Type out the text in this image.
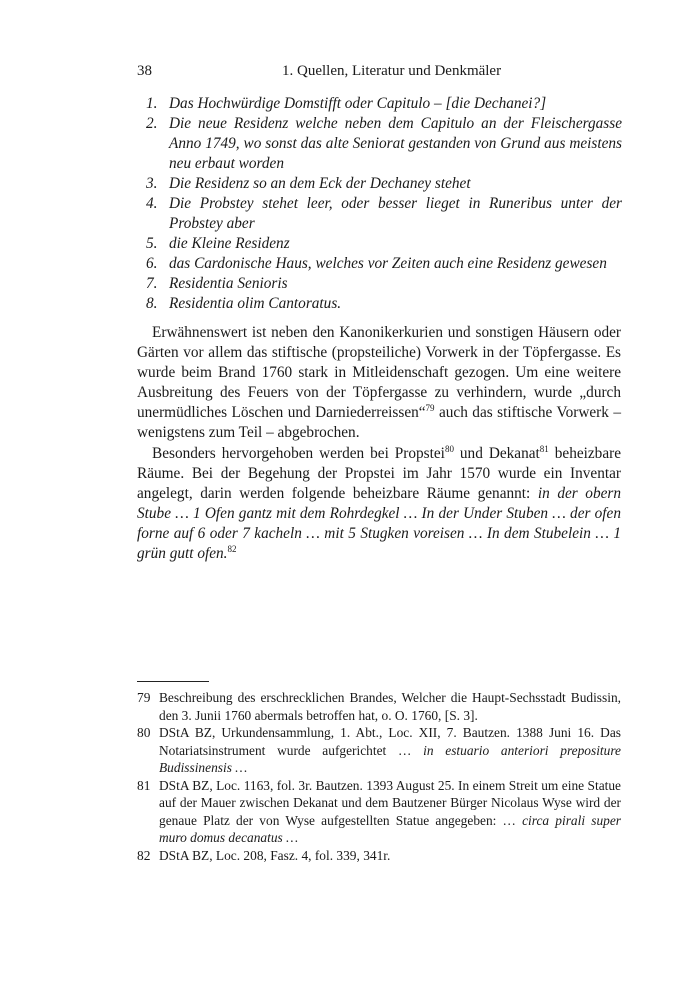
38	1. Quellen, Literatur und Denkmäler
1. Das Hochwürdige Domstifft oder Capitulo – [die Dechanei?]
2. Die neue Residenz welche neben dem Capitulo an der Fleischergasse Anno 1749, wo sonst das alte Seniorat gestanden von Grund aus meistens neu erbaut worden
3. Die Residenz so an dem Eck der Dechaney stehet
4. Die Probstey stehet leer, oder besser lieget in Runeribus unter der Probstey aber
5. die Kleine Residenz
6. das Cardonische Haus, welches vor Zeiten auch eine Residenz gewesen
7. Residentia Senioris
8. Residentia olim Cantoratus.

Erwähnenswert ist neben den Kanonikerkurien und sonstigen Häusern oder Gärten vor allem das stiftische (propsteiliche) Vorwerk in der Töpfergasse. Es wurde beim Brand 1760 stark in Mitleidenschaft gezogen. Um eine weitere Ausbreitung des Feuers von der Töpfergasse zu verhindern, wurde „durch unermüdliches Löschen und Darniederreissen“$^{79}$ auch das stiftische Vorwerk – wenigstens zum Teil – abgebrochen.

Besonders hervorgehoben werden bei Propstei$^{80}$ und Dekanat$^{81}$ beheizbare Räume. Bei der Begehung der Propstei im Jahr 1570 wurde ein Inventar angelegt, darin werden folgende beheizbare Räume genannt: in der obern Stube … 1 Ofen gantz mit dem Rohrdegkel … In der Under Stuben … der ofen forne auf 6 oder 7 kacheln … mit 5 Stugken voreisen … In dem Stubelein … 1 grün gutt ofen.$^{82}$

79 Beschreibung des erschrecklichen Brandes, Welcher die Haupt-Sechsstadt Budissin, den 3. Junii 1760 abermals betroffen hat, o. O. 1760, [S. 3].
80 DStA BZ, Urkundensammlung, 1. Abt., Loc. XII, 7. Bautzen. 1388 Juni 16. Das Notariatsinstrument wurde aufgerichtet … in estuario anteriori prepositure Budissinensis …
81 DStA BZ, Loc. 1163, fol. 3r. Bautzen. 1393 August 25. In einem Streit um eine Statue auf der Mauer zwischen Dekanat und dem Bautzener Bürger Nicolaus Wyse wird der genaue Platz der von Wyse aufgestellten Statue angegeben: … circa pirali super muro domus decanatus …
82 DStA BZ, Loc. 208, Fasz. 4, fol. 339, 341r.
